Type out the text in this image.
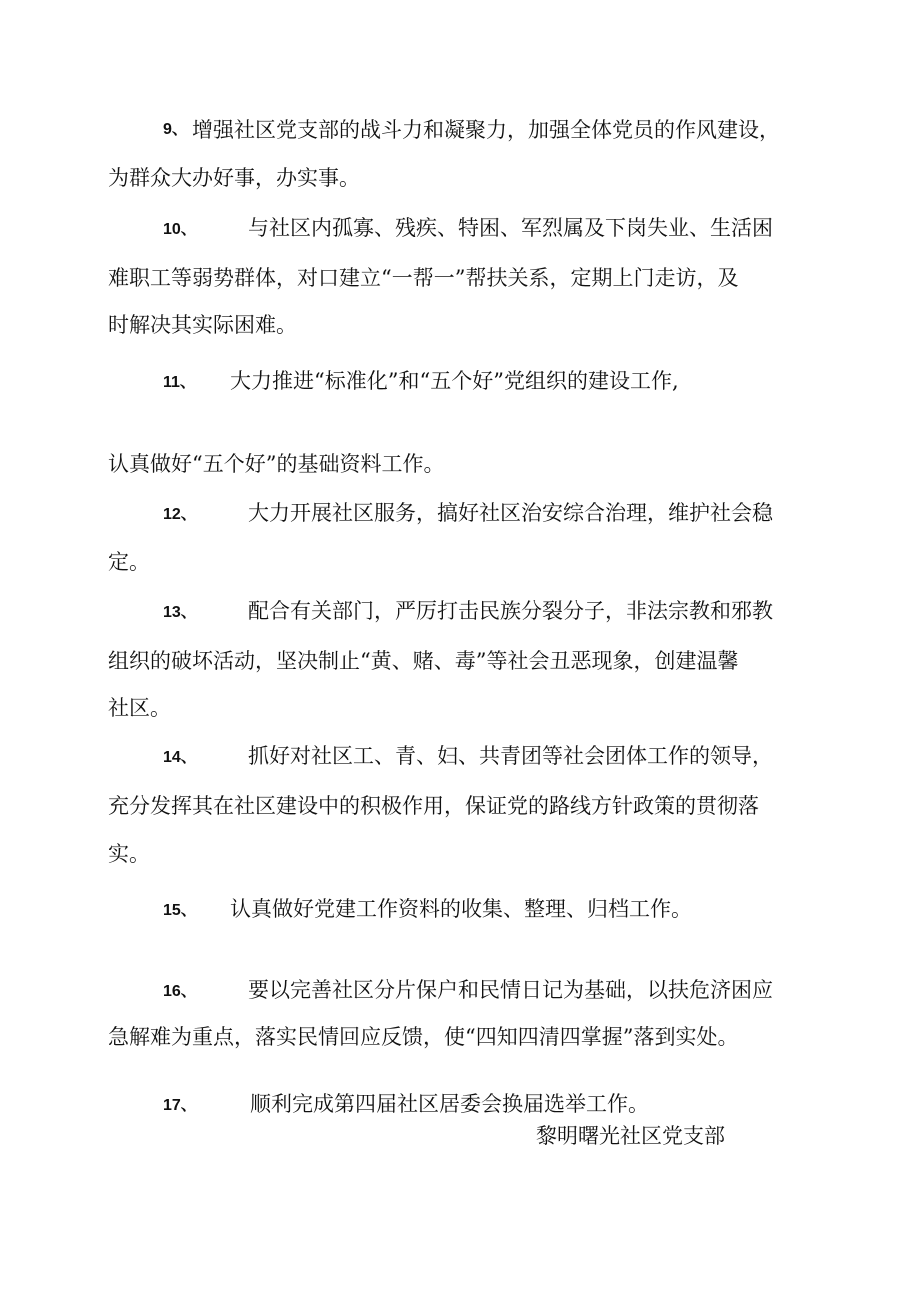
9、 增强社区党支部的战斗力和凝聚力，加强全体党员的作风建设，
为群众大办好事，办实事。
10、 与社区内孤寡、残疾、特困、军烈属及下岗失业、生活困
难职工等弱势群体，对口建立“一帮一”帮扶关系，定期上门走访，及
时解决其实际困难。
11、 大力推进“标准化”和“五个好”党组织的建设工作,
认真做好“五个好”的基础资料工作。
12、 大力开展社区服务，搞好社区治安综合治理，维护社会稳
定。
13、 配合有关部门，严厉打击民族分裂分子，非法宗教和邪教
组织的破坏活动，坚决制止“黄、赌、毒”等社会丑恶现象，创建温馨
社区。
14、 抓好对社区工、青、妇、共青团等社会团体工作的领导，
充分发挥其在社区建设中的积极作用，保证党的路线方针政策的贯彻落
实。
15、 认真做好党建工作资料的收集、整理、归档工作。
16、 要以完善社区分片保户和民情日记为基础，以扶危济困应
急解难为重点，落实民情回应反馈，使“四知四清四掌握”落到实处。
17、	顺利完成第四届社区居委会换届选举工作。
黎明曙光社区党支部
